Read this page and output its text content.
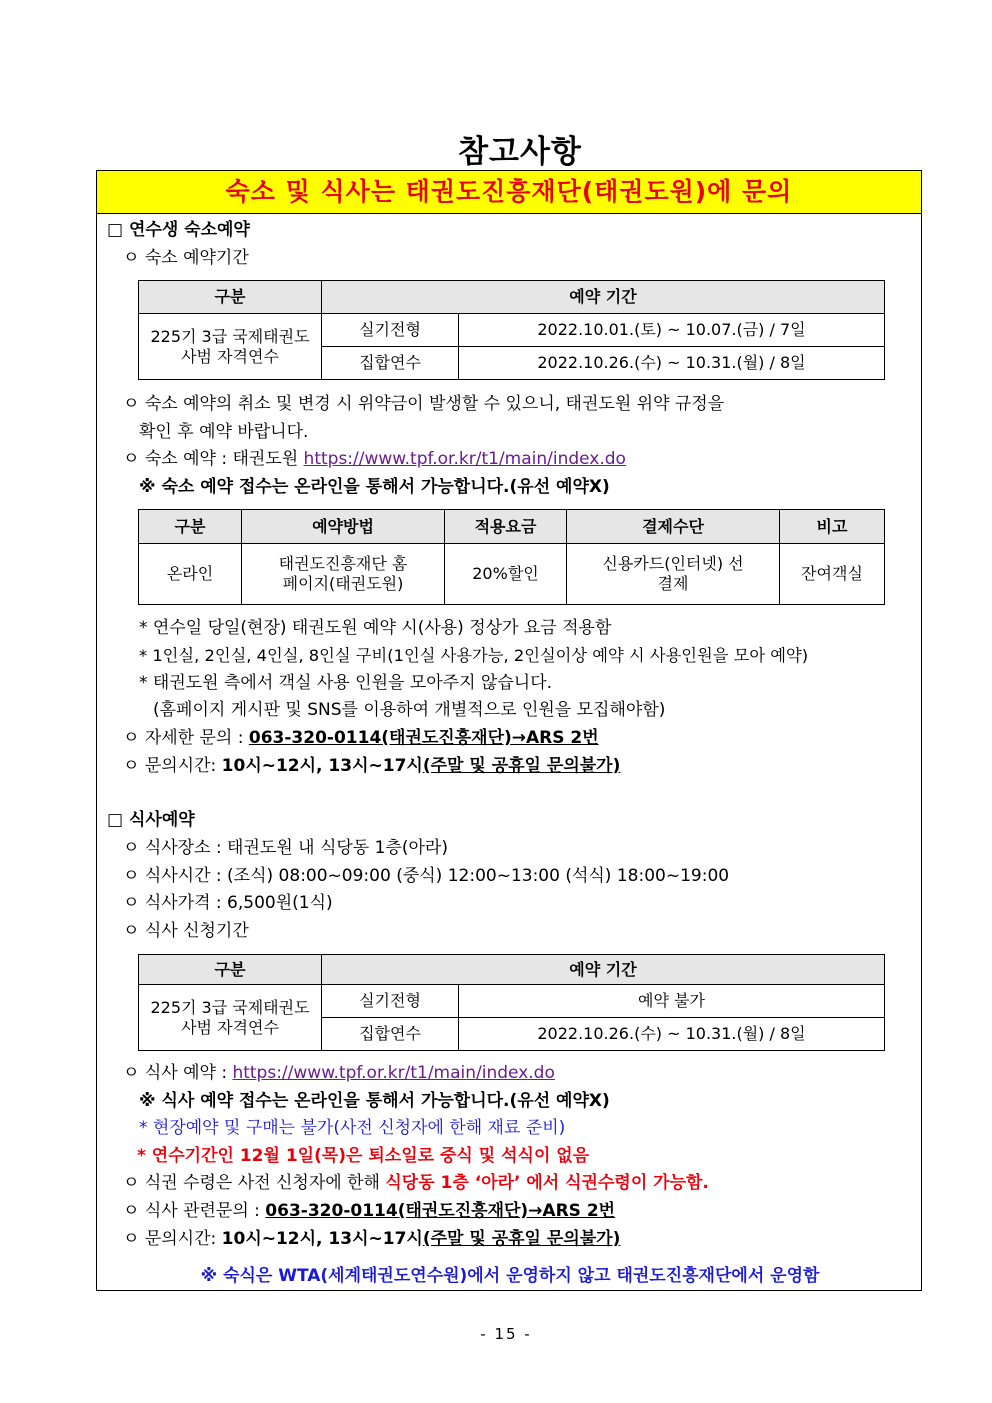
참고사항
숙소 및 식사는 태권도진흥재단(태권도원)에 문의
□ 연수생 숙소예약
ㅇ 숙소 예약기간
구분	예약 기간	
225기 3급 국제태권도사범 자격연수	실기전형	2022.10.01.(토) ~ 10.07.(금) / 7일
	집합연수	2022.10.26.(수) ~ 10.31.(월) / 8일
ㅇ 숙소 예약의 취소 및 변경 시 위약금이 발생할 수 있으니, 태권도원 위약 규정을
확인 후 예약 바랍니다.
ㅇ 숙소 예약 : 태권도원 https://www.tpf.or.kr/t1/main/index.do
※ 숙소 예약 접수는 온라인을 통해서 가능합니다.(유선 예약X)
구분	예약방법	적용요금	결제수단	비고
온라인	태권도진흥재단 홈페이지(태권도원)	20%할인	신용카드(인터넷) 선결제	잔여객실
* 연수일 당일(현장) 태권도원 예약 시(사용) 정상가 요금 적용함
* 1인실, 2인실, 4인실, 8인실 구비(1인실 사용가능, 2인실이상 예약 시 사용인원을 모아 예약)
* 태권도원 측에서 객실 사용 인원을 모아주지 않습니다.
(홈페이지 게시판 및 SNS를 이용하여 개별적으로 인원을 모집해야함)
ㅇ 자세한 문의 : 063-320-0114(태권도진흥재단)→ARS 2번
ㅇ 문의시간: 10시~12시, 13시~17시(주말 및 공휴일 문의불가)
□ 식사예약
ㅇ 식사장소 : 태권도원 내 식당동 1층(아라)
ㅇ 식사시간 : (조식) 08:00~09:00 (중식) 12:00~13:00 (석식) 18:00~19:00
ㅇ 식사가격 : 6,500원(1식)
ㅇ 식사 신청기간
구분	예약 기간	
225기 3급 국제태권도사범 자격연수	실기전형	예약 불가
	집합연수	2022.10.26.(수) ~ 10.31.(월) / 8일
ㅇ 식사 예약 : https://www.tpf.or.kr/t1/main/index.do
※ 식사 예약 접수는 온라인을 통해서 가능합니다.(유선 예약X)
* 현장예약 및 구매는 불가(사전 신청자에 한해 재료 준비)
* 연수기간인 12월 1일(목)은 퇴소일로 중식 및 석식이 없음
ㅇ 식권 수령은 사전 신청자에 한해 식당동 1층 ‘아라’ 에서 식권수령이 가능함.
ㅇ 식사 관련문의 : 063-320-0114(태권도진흥재단)→ARS 2번
ㅇ 문의시간: 10시~12시, 13시~17시(주말 및 공휴일 문의불가)
※ 숙식은 WTA(세계태권도연수원)에서 운영하지 않고 태권도진흥재단에서 운영함
- 15 -
